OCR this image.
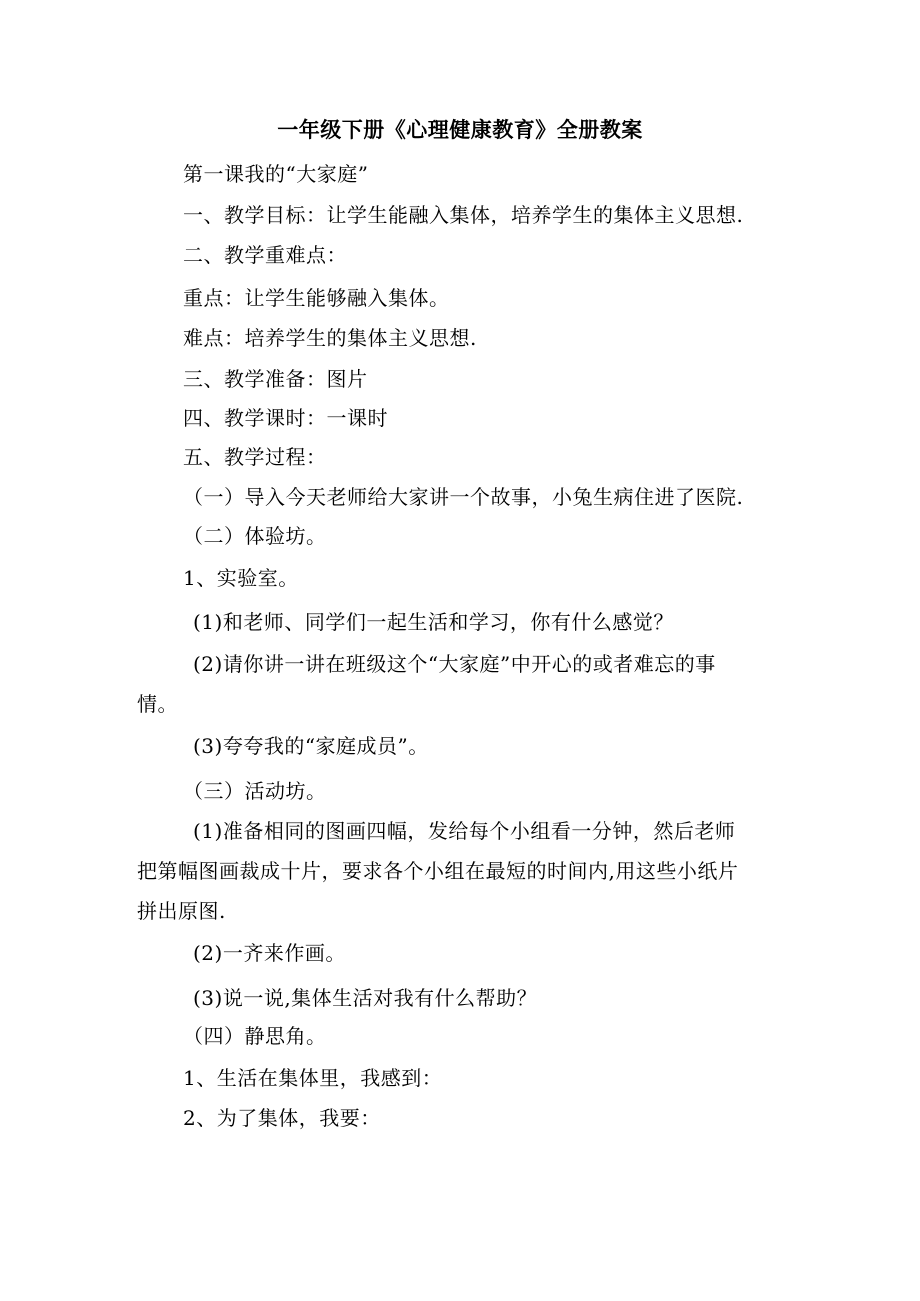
一年级下册《心理健康教育》全册教案
第一课我的“大家庭”
一、教学目标：让学生能融入集体，培养学生的集体主义思想.
二、教学重难点：
重点：让学生能够融入集体。
难点：培养学生的集体主义思想.
三、教学准备：图片
四、教学课时：一课时
五、教学过程：
（一）导入今天老师给大家讲一个故事，小兔生病住进了医院.
（二）体验坊。
1、实验室。
(1)和老师、同学们一起生活和学习，你有什么感觉？
(2)请你讲一讲在班级这个“大家庭”中开心的或者难忘的事
情。
(3)夸夸我的“家庭成员”。
（三）活动坊。
(1)准备相同的图画四幅，发给每个小组看一分钟，然后老师
把第幅图画裁成十片，要求各个小组在最短的时间内,用这些小纸片
拼出原图.
(2)一齐来作画。
(3)说一说,集体生活对我有什么帮助？
（四）静思角。
1、生活在集体里，我感到：
2、为了集体，我要：
